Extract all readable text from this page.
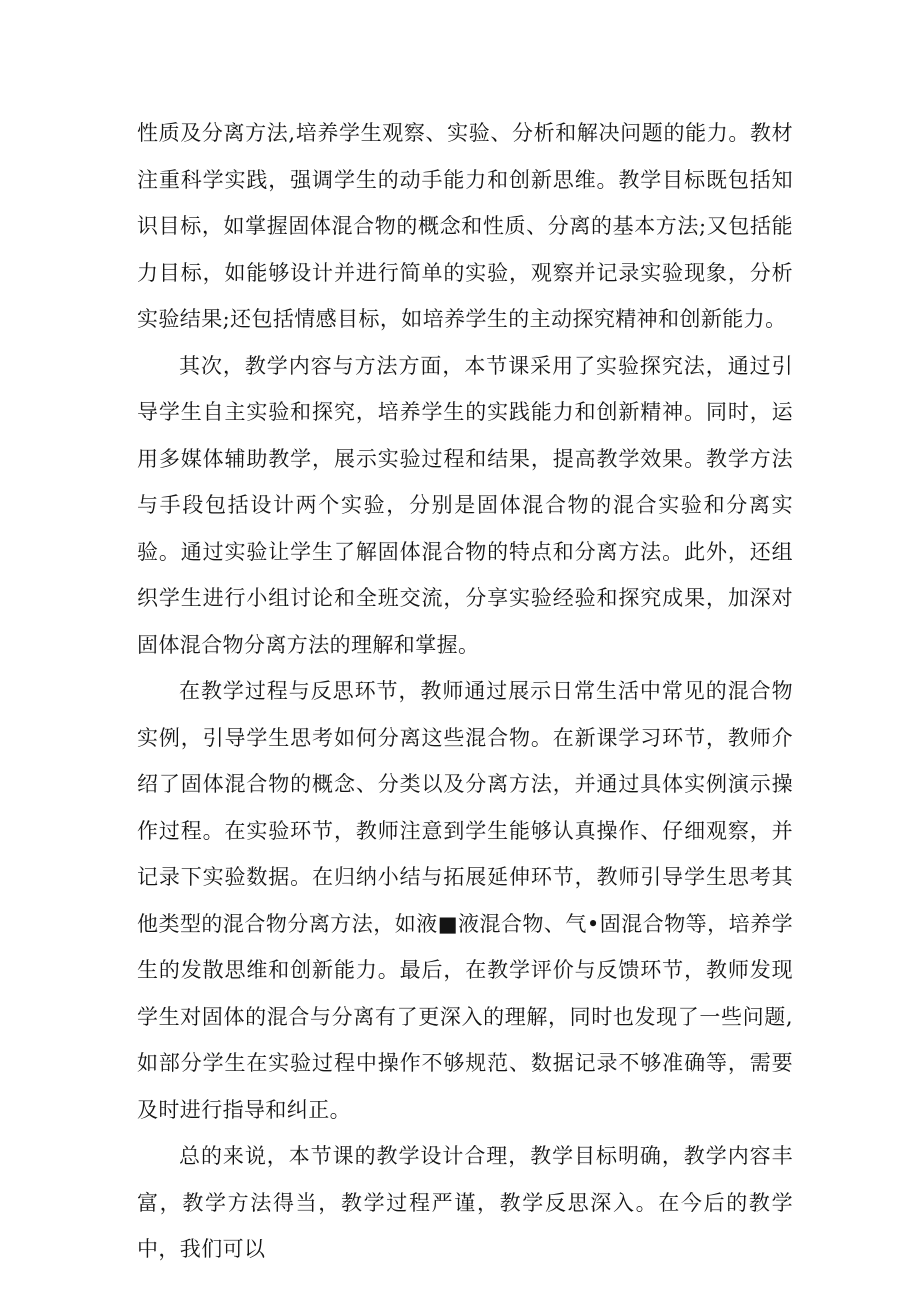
性质及分离方法,培养学生观察、实验、分析和解决问题的能力。教材注重科学实践，强调学生的动手能力和创新思维。教学目标既包括知识目标，如掌握固体混合物的概念和性质、分离的基本方法;又包括能力目标，如能够设计并进行简单的实验，观察并记录实验现象，分析实验结果;还包括情感目标，如培养学生的主动探究精神和创新能力。

其次，教学内容与方法方面，本节课采用了实验探究法，通过引导学生自主实验和探究，培养学生的实践能力和创新精神。同时，运用多媒体辅助教学，展示实验过程和结果，提高教学效果。教学方法与手段包括设计两个实验，分别是固体混合物的混合实验和分离实验。通过实验让学生了解固体混合物的特点和分离方法。此外，还组织学生进行小组讨论和全班交流，分享实验经验和探究成果，加深对固体混合物分离方法的理解和掌握。

在教学过程与反思环节，教师通过展示日常生活中常见的混合物实例，引导学生思考如何分离这些混合物。在新课学习环节，教师介绍了固体混合物的概念、分类以及分离方法，并通过具体实例演示操作过程。在实验环节，教师注意到学生能够认真操作、仔细观察，并记录下实验数据。在归纳小结与拓展延伸环节，教师引导学生思考其他类型的混合物分离方法，如液■液混合物、气•固混合物等，培养学生的发散思维和创新能力。最后，在教学评价与反馈环节，教师发现学生对固体的混合与分离有了更深入的理解，同时也发现了一些问题,如部分学生在实验过程中操作不够规范、数据记录不够准确等，需要及时进行指导和纠正。

总的来说，本节课的教学设计合理，教学目标明确，教学内容丰富，教学方法得当，教学过程严谨，教学反思深入。在今后的教学中，我们可以
